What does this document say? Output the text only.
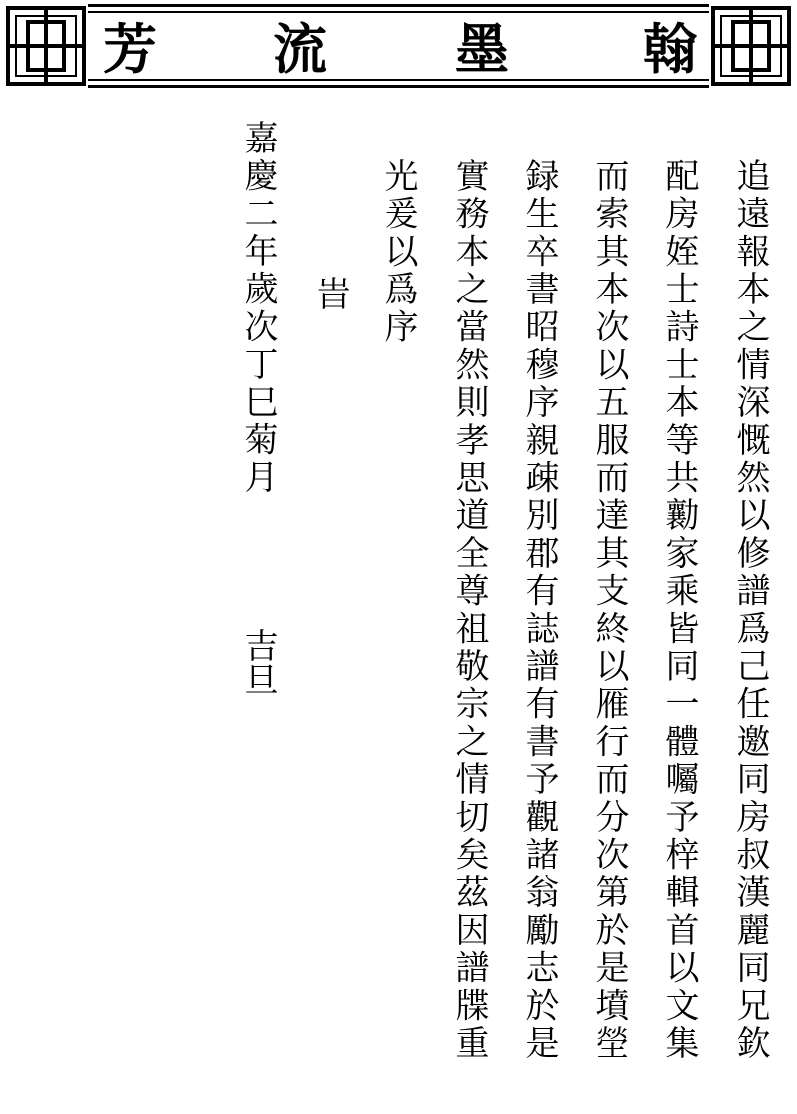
翰
墨
流
芳
追遠報本之情深慨然以修譜爲己任邀同房叔漢麗同兄欽
配房姪士詩士本等共勷家乘皆同一體囑予梓輯首以文集
而索其本次以五服而達其支終以雁行而分次第於是墳塋
録生卒書昭穆序親疎別郡有誌譜有書予觀諸翁勵志於是
實務本之當然則孝思道全尊祖敬宗之情切矣茲因譜牒重
光爰以爲序
旹
嘉慶二年歲次丁巳菊月
吉旦
